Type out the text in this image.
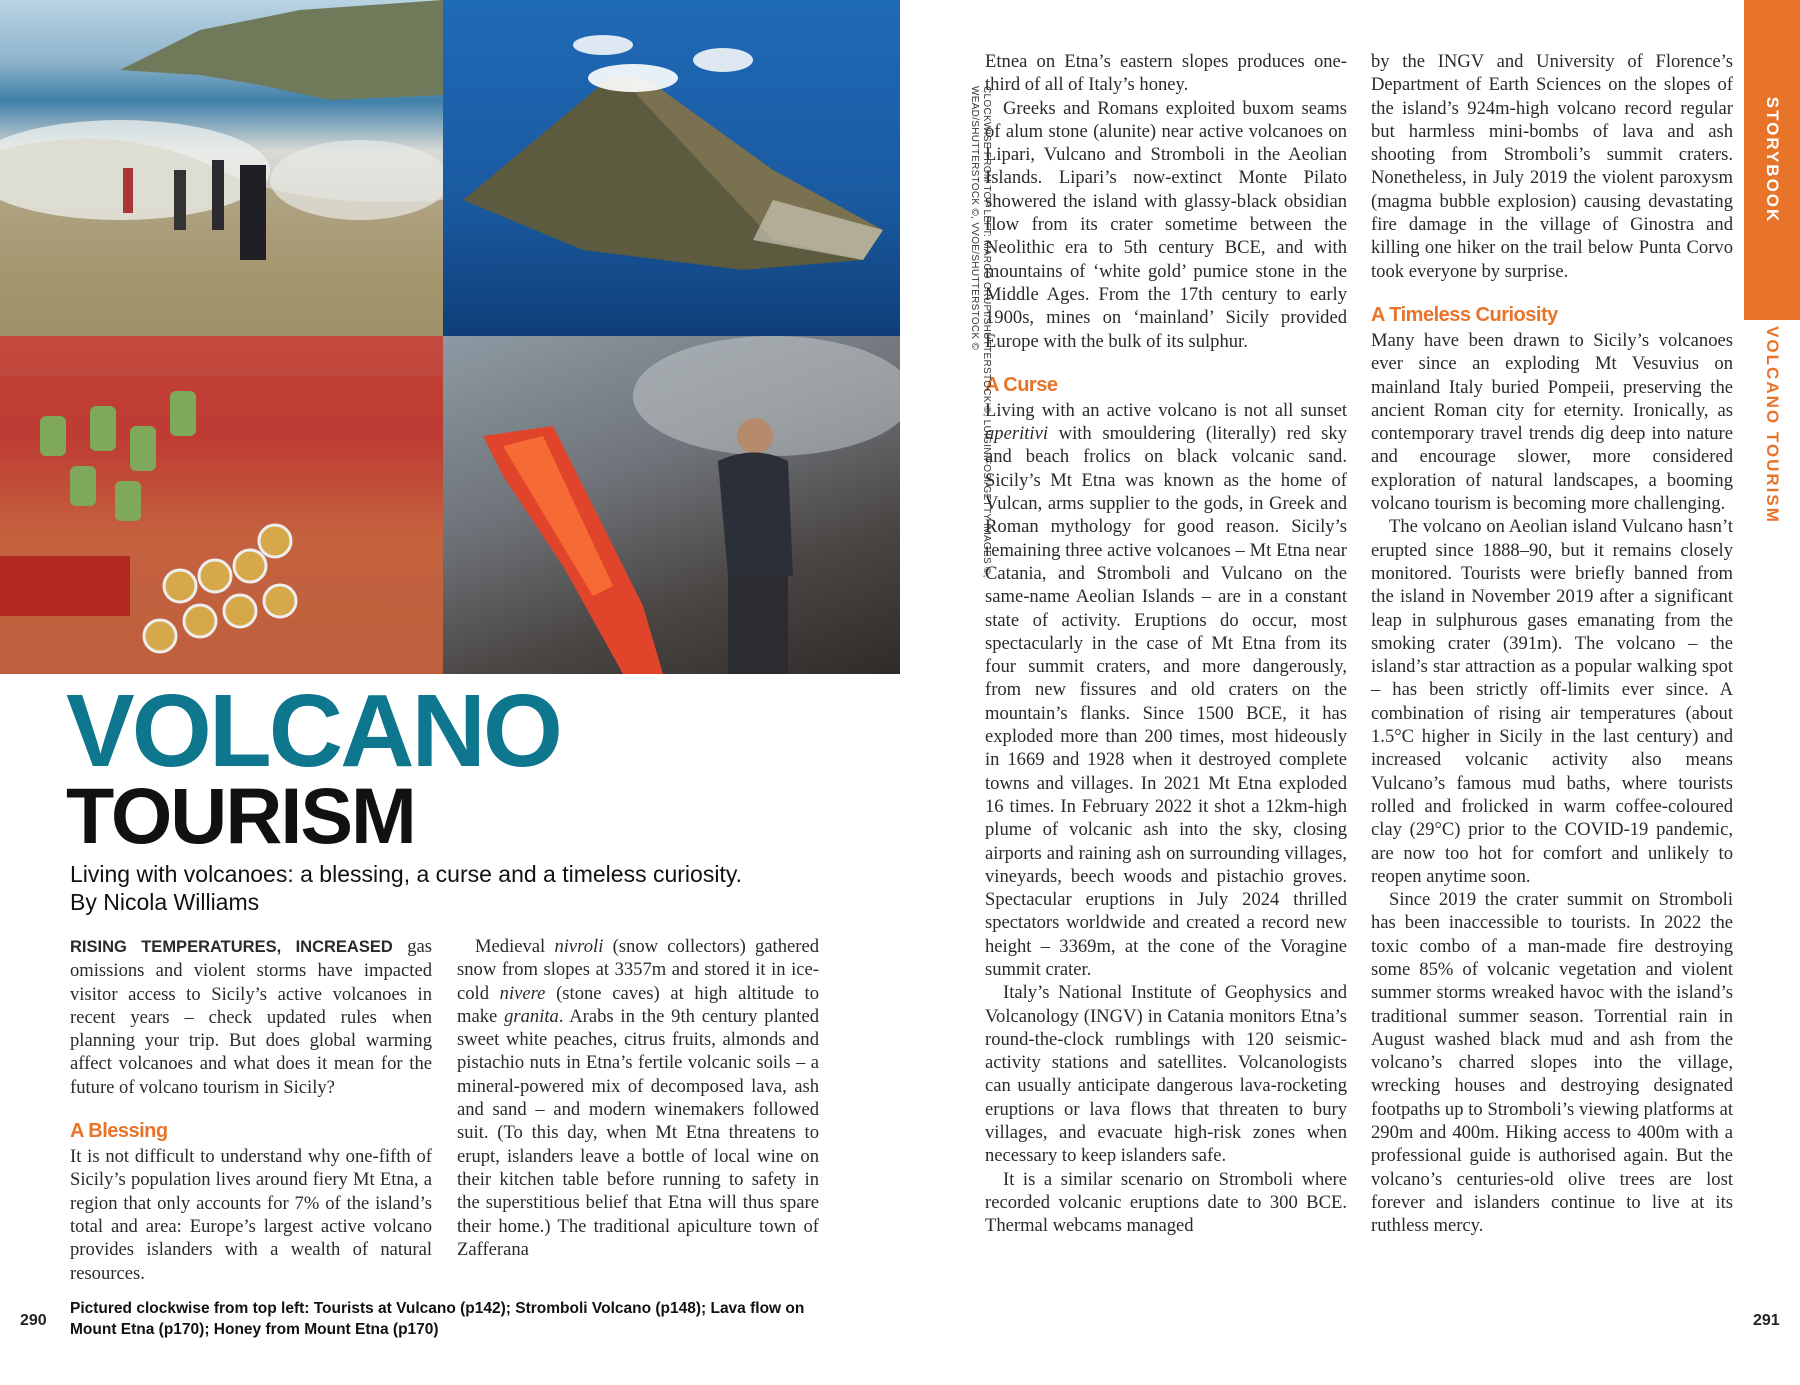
STORYBOOK
VOLCANO TOURISM
VOLCANO
TOURISM
Living with volcanoes: a blessing, a curse and a timeless curiosity.
By Nicola Williams

RISING TEMPERATURES, INCREASED gas omissions and violent storms have impacted visitor access to Sicily’s active volcanoes in recent years – check updated rules when planning your trip. But does global warming affect volcanoes and what does it mean for the future of volcano tourism in Sicily?

A Blessing

It is not difficult to understand why one-fifth of Sicily’s population lives around fiery Mt Etna, a region that only accounts for 7% of the island’s total and area: Europe’s largest active volcano provides islanders with a wealth of natural resources.

Medieval nivroli (snow collectors) gathered snow from slopes at 3357m and stored it in ice-cold nivere (stone caves) at high altitude to make granita. Arabs in the 9th century planted sweet white peaches, citrus fruits, almonds and pistachio nuts in Etna’s fertile volcanic soils – a mineral-powered mix of decomposed lava, ash and sand – and modern winemakers followed suit. (To this day, when Mt Etna threatens to erupt, islanders leave a bottle of local wine on their kitchen table before running to safety in the superstitious belief that Etna will thus spare their home.) The traditional apiculture town of Zafferana

Etnea on Etna’s eastern slopes produces one-third of all of Italy’s honey.

Greeks and Romans exploited buxom seams of alum stone (alunite) near active volcanoes on Lipari, Vulcano and Stromboli in the Aeolian Islands. Lipari’s now-extinct Monte Pilato showered the island with glassy-black obsidian flow from its crater sometime between the Neolithic era to 5th century BCE, and with mountains of ‘white gold’ pumice stone in the Middle Ages. From the 17th century to early 1900s, mines on ‘mainland’ Sicily provided Europe with the bulk of its sulphur.

A Curse

Living with an active volcano is not all sunset aperitivi with smouldering (literally) red sky and beach frolics on black volcanic sand. Sicily’s Mt Etna was known as the home of Vulcan, arms supplier to the gods, in Greek and Roman mythology for good reason. Sicily’s remaining three active volcanoes – Mt Etna near Catania, and Stromboli and Vulcano on the same-name Aeolian Islands – are in a constant state of activity. Eruptions do occur, most spectacularly in the case of Mt Etna from its four summit craters, and more dangerously, from new fissures and old craters on the mountain’s flanks. Since 1500 BCE, it has exploded more than 200 times, most hideously in 1669 and 1928 when it destroyed complete towns and villages. In 2021 Mt Etna exploded 16 times. In February 2022 it shot a 12km-high plume of volcanic ash into the sky, closing airports and raining ash on surrounding villages, vineyards, beech woods and pistachio groves. Spectacular eruptions in July 2024 thrilled spectators worldwide and created a record new height – 3369m, at the cone of the Voragine summit crater.

Italy’s National Institute of Geophysics and Volcanology (INGV) in Catania monitors Etna’s round-the-clock rumblings with 120 seismic-activity stations and satellites. Volcanologists can usually anticipate dangerous lava-rocketing eruptions or lava flows that threaten to bury villages, and evacuate high-risk zones when necessary to keep islanders safe.

It is a similar scenario on Stromboli where recorded volcanic eruptions date to 300 BCE. Thermal webcams managed

by the INGV and University of Florence’s Department of Earth Sciences on the slopes of the island’s 924m-high volcano record regular but harmless mini-bombs of lava and ash shooting from Stromboli’s summit craters. Nonetheless, in July 2019 the violent paroxysm (magma bubble explosion) causing devastating fire damage in the village of Ginostra and killing one hiker on the trail below Punta Corvo took everyone by surprise.

A Timeless Curiosity

Many have been drawn to Sicily’s volcanoes ever since an exploding Mt Vesuvius on mainland Italy buried Pompeii, preserving the ancient Roman city for eternity. Ironically, as contemporary travel trends dig deep into nature and encourage slower, more considered exploration of natural landscapes, a booming volcano tourism is becoming more challenging.

The volcano on Aeolian island Vulcano hasn’t erupted since 1888–90, but it remains closely monitored. Tourists were briefly banned from the island in November 2019 after a significant leap in sulphurous gases emanating from the smoking crater (391m). The volcano – the island’s star attraction as a popular walking spot – has been strictly off-limits ever since. A combination of rising air temperatures (about 1.5°C higher in Sicily in the last century) and increased volcanic activity also means Vulcano’s famous mud baths, where tourists rolled and frolicked in warm coffee-coloured clay (29°C) prior to the COVID-19 pandemic, are now too hot for comfort and unlikely to reopen anytime soon.

Since 2019 the crater summit on Stromboli has been inaccessible to tourists. In 2022 the toxic combo of a man-made fire destroying some 85% of volcanic vegetation and violent summer storms wreaked havoc with the island’s traditional summer season. Torrential rain in August washed black mud and ash from the volcano’s charred slopes into the village, wrecking houses and destroying designated footpaths up to Stromboli’s viewing platforms at 290m and 400m. Hiking access to 400m with a professional guide is authorised again. But the volcano’s centuries-old olive trees are lost forever and islanders continue to live at its ruthless mercy.

CLOCKWISE FROM TOP LEFT: MARCO CRUPI/SHUTTERSTOCK ©, LUIGINIFOSI/GETTY IMAGES ©, WEAD/SHUTTERSTOCK ©, VVOE/SHUTTERSTOCK ©
Pictured clockwise from top left: Tourists at Vulcano (p142); Stromboli Volcano (p148); Lava flow on Mount Etna (p170); Honey from Mount Etna (p170)
290	291
